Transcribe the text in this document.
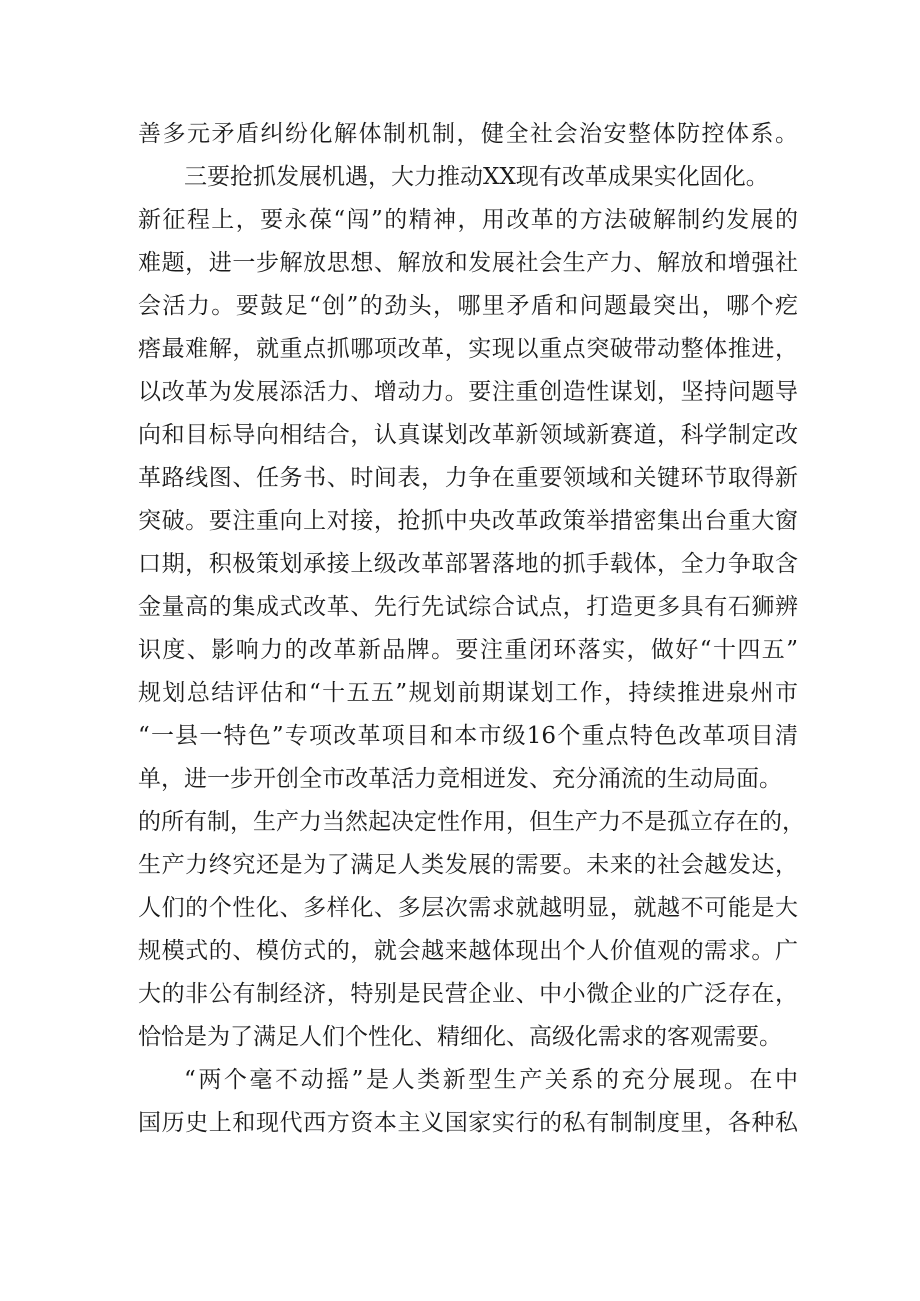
善多元矛盾纠纷化解体制机制，健全社会治安整体防控体系。
三要抢抓发展机遇，大力推动XX现有改革成果实化固化。
新征程上，要永葆“闯”的精神，用改革的方法破解制约发展的
难题，进一步解放思想、解放和发展社会生产力、解放和增强社
会活力。要鼓足“创”的劲头，哪里矛盾和问题最突出，哪个疙
瘩最难解，就重点抓哪项改革，实现以重点突破带动整体推进，
以改革为发展添活力、增动力。要注重创造性谋划，坚持问题导
向和目标导向相结合，认真谋划改革新领域新赛道，科学制定改
革路线图、任务书、时间表，力争在重要领域和关键环节取得新
突破。要注重向上对接，抢抓中央改革政策举措密集出台重大窗
口期，积极策划承接上级改革部署落地的抓手载体，全力争取含
金量高的集成式改革、先行先试综合试点，打造更多具有石狮辨
识度、影响力的改革新品牌。要注重闭环落实，做好“十四五”
规划总结评估和“十五五”规划前期谋划工作，持续推进泉州市
“一县一特色”专项改革项目和本市级16个重点特色改革项目清
单，进一步开创全市改革活力竞相迸发、充分涌流的生动局面。
的所有制，生产力当然起决定性作用，但生产力不是孤立存在的，
生产力终究还是为了满足人类发展的需要。未来的社会越发达，
人们的个性化、多样化、多层次需求就越明显，就越不可能是大
规模式的、模仿式的，就会越来越体现出个人价值观的需求。广
大的非公有制经济，特别是民营企业、中小微企业的广泛存在，
恰恰是为了满足人们个性化、精细化、高级化需求的客观需要。
“两个毫不动摇”是人类新型生产关系的充分展现。在中
国历史上和现代西方资本主义国家实行的私有制制度里，各种私
